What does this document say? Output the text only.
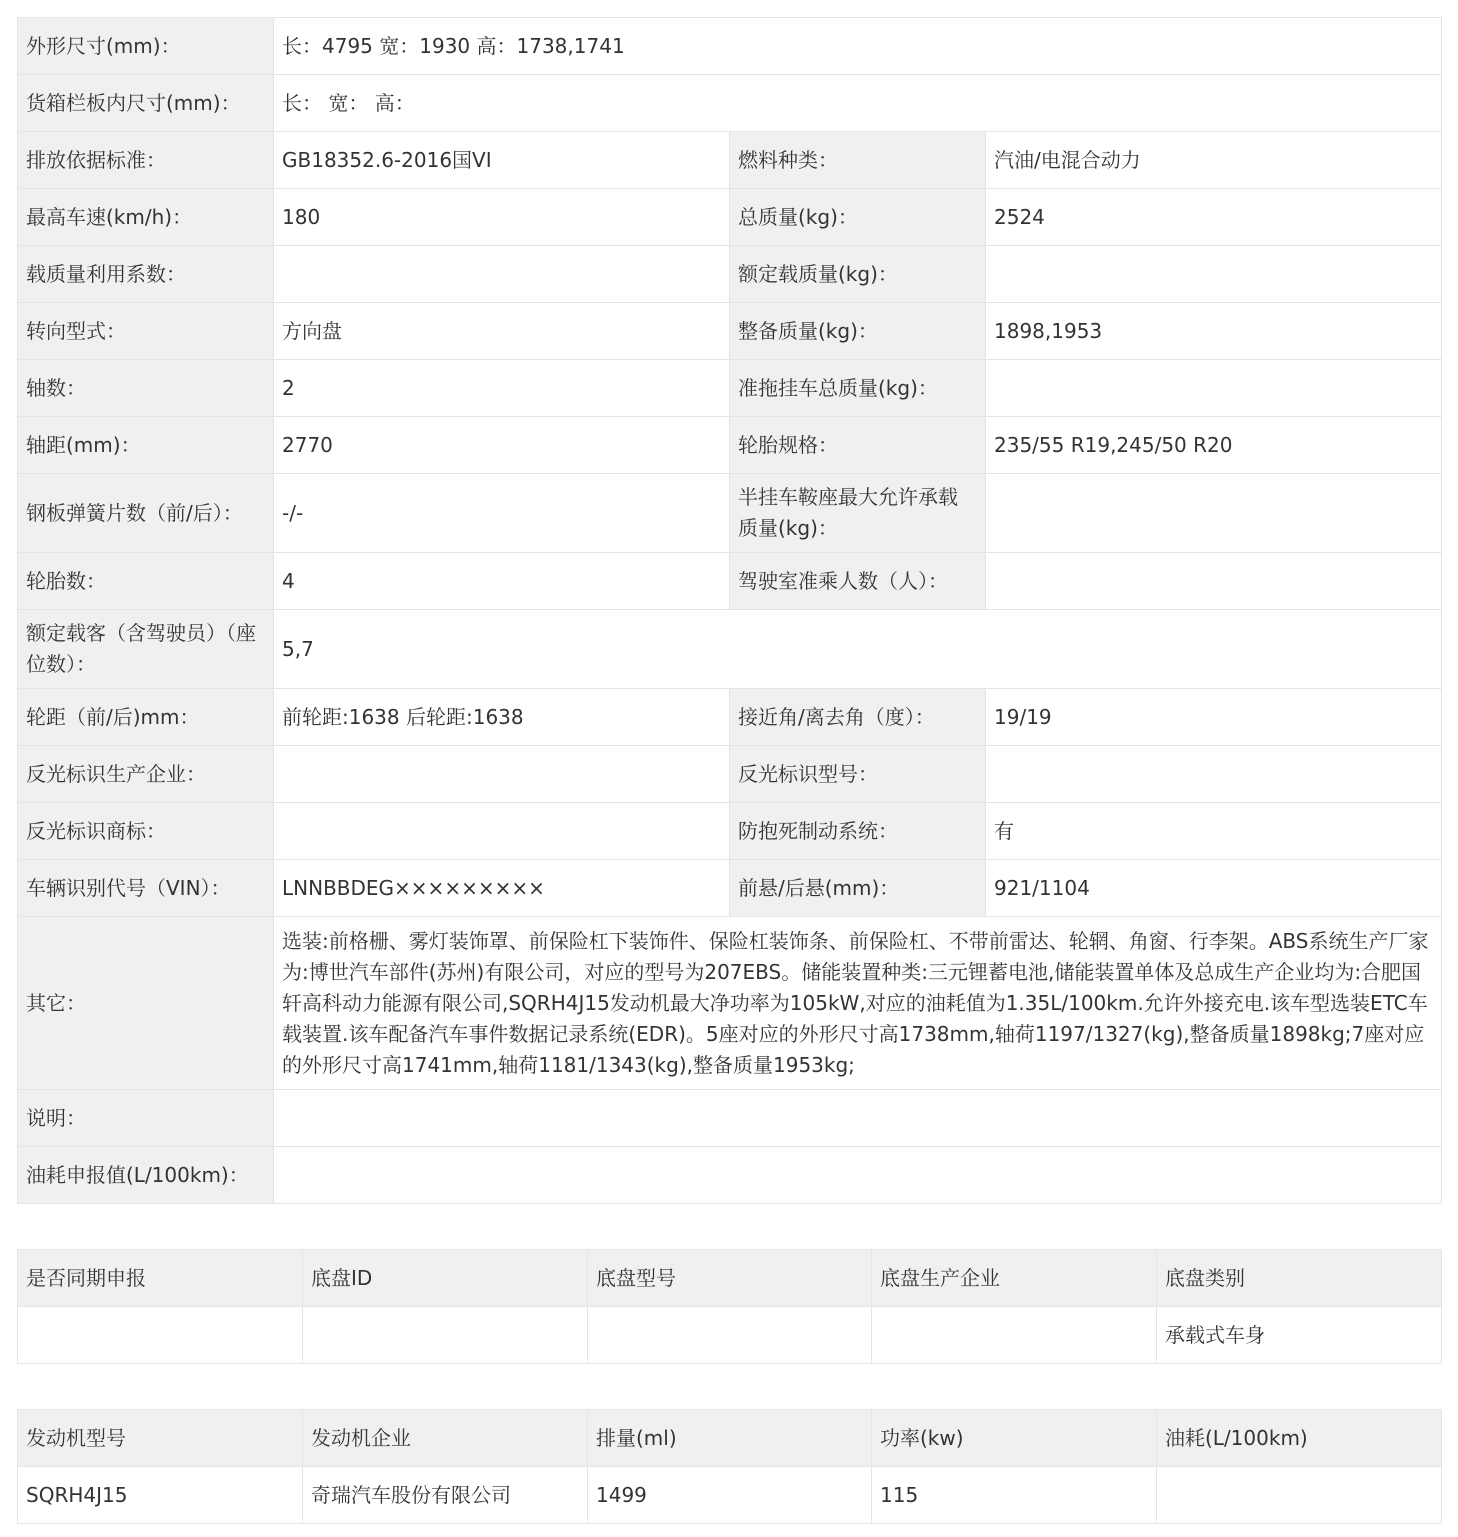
外形尺寸(mm)：	长：4795 宽：1930 高：1738,1741		
货箱栏板内尺寸(mm)：	长： 宽： 高：		
排放依据标准：	GB18352.6-2016国VI	燃料种类：	汽油/电混合动力
最高车速(km/h)：	180	总质量(kg)：	2524
载质量利用系数：		额定载质量(kg)：	
转向型式：	方向盘	整备质量(kg)：	1898,1953
轴数：	2	准拖挂车总质量(kg)：	
轴距(mm)：	2770	轮胎规格：	235/55 R19,245/50 R20
钢板弹簧片数（前/后）：	-/-	半挂车鞍座最大允许承载质量(kg)：	
轮胎数：	4	驾驶室准乘人数（人）：	
额定载客（含驾驶员）（座位数）：	5,7		
轮距（前/后)mm：	前轮距:1638 后轮距:1638	接近角/离去角（度）：	19/19
反光标识生产企业：		反光标识型号：	
反光标识商标：		防抱死制动系统：	有
车辆识别代号（VIN）：	LNNBBDEG×××××××××	前悬/后悬(mm)：	921/1104
其它：	选装:前格栅、雾灯装饰罩、前保险杠下装饰件、保险杠装饰条、前保险杠、不带前雷达、轮辋、角窗、行李架。ABS系统生产厂家为:博世汽车部件(苏州)有限公司，对应的型号为207EBS。储能装置种类:三元锂蓄电池,储能装置单体及总成生产企业均为:合肥国轩高科动力能源有限公司,SQRH4J15发动机最大净功率为105kW,对应的油耗值为1.35L/100km.允许外接充电.该车型选装ETC车载装置.该车配备汽车事件数据记录系统(EDR)。5座对应的外形尺寸高1738mm,轴荷1197/1327(kg),整备质量1898kg;7座对应的外形尺寸高1741mm,轴荷1181/1343(kg),整备质量1953kg;		
说明：			
油耗申报值(L/100km)：			
是否同期申报	底盘ID	底盘型号	底盘生产企业	底盘类别
				承载式车身
发动机型号	发动机企业	排量(ml)	功率(kw)	油耗(L/100km)
SQRH4J15	奇瑞汽车股份有限公司	1499	115	
